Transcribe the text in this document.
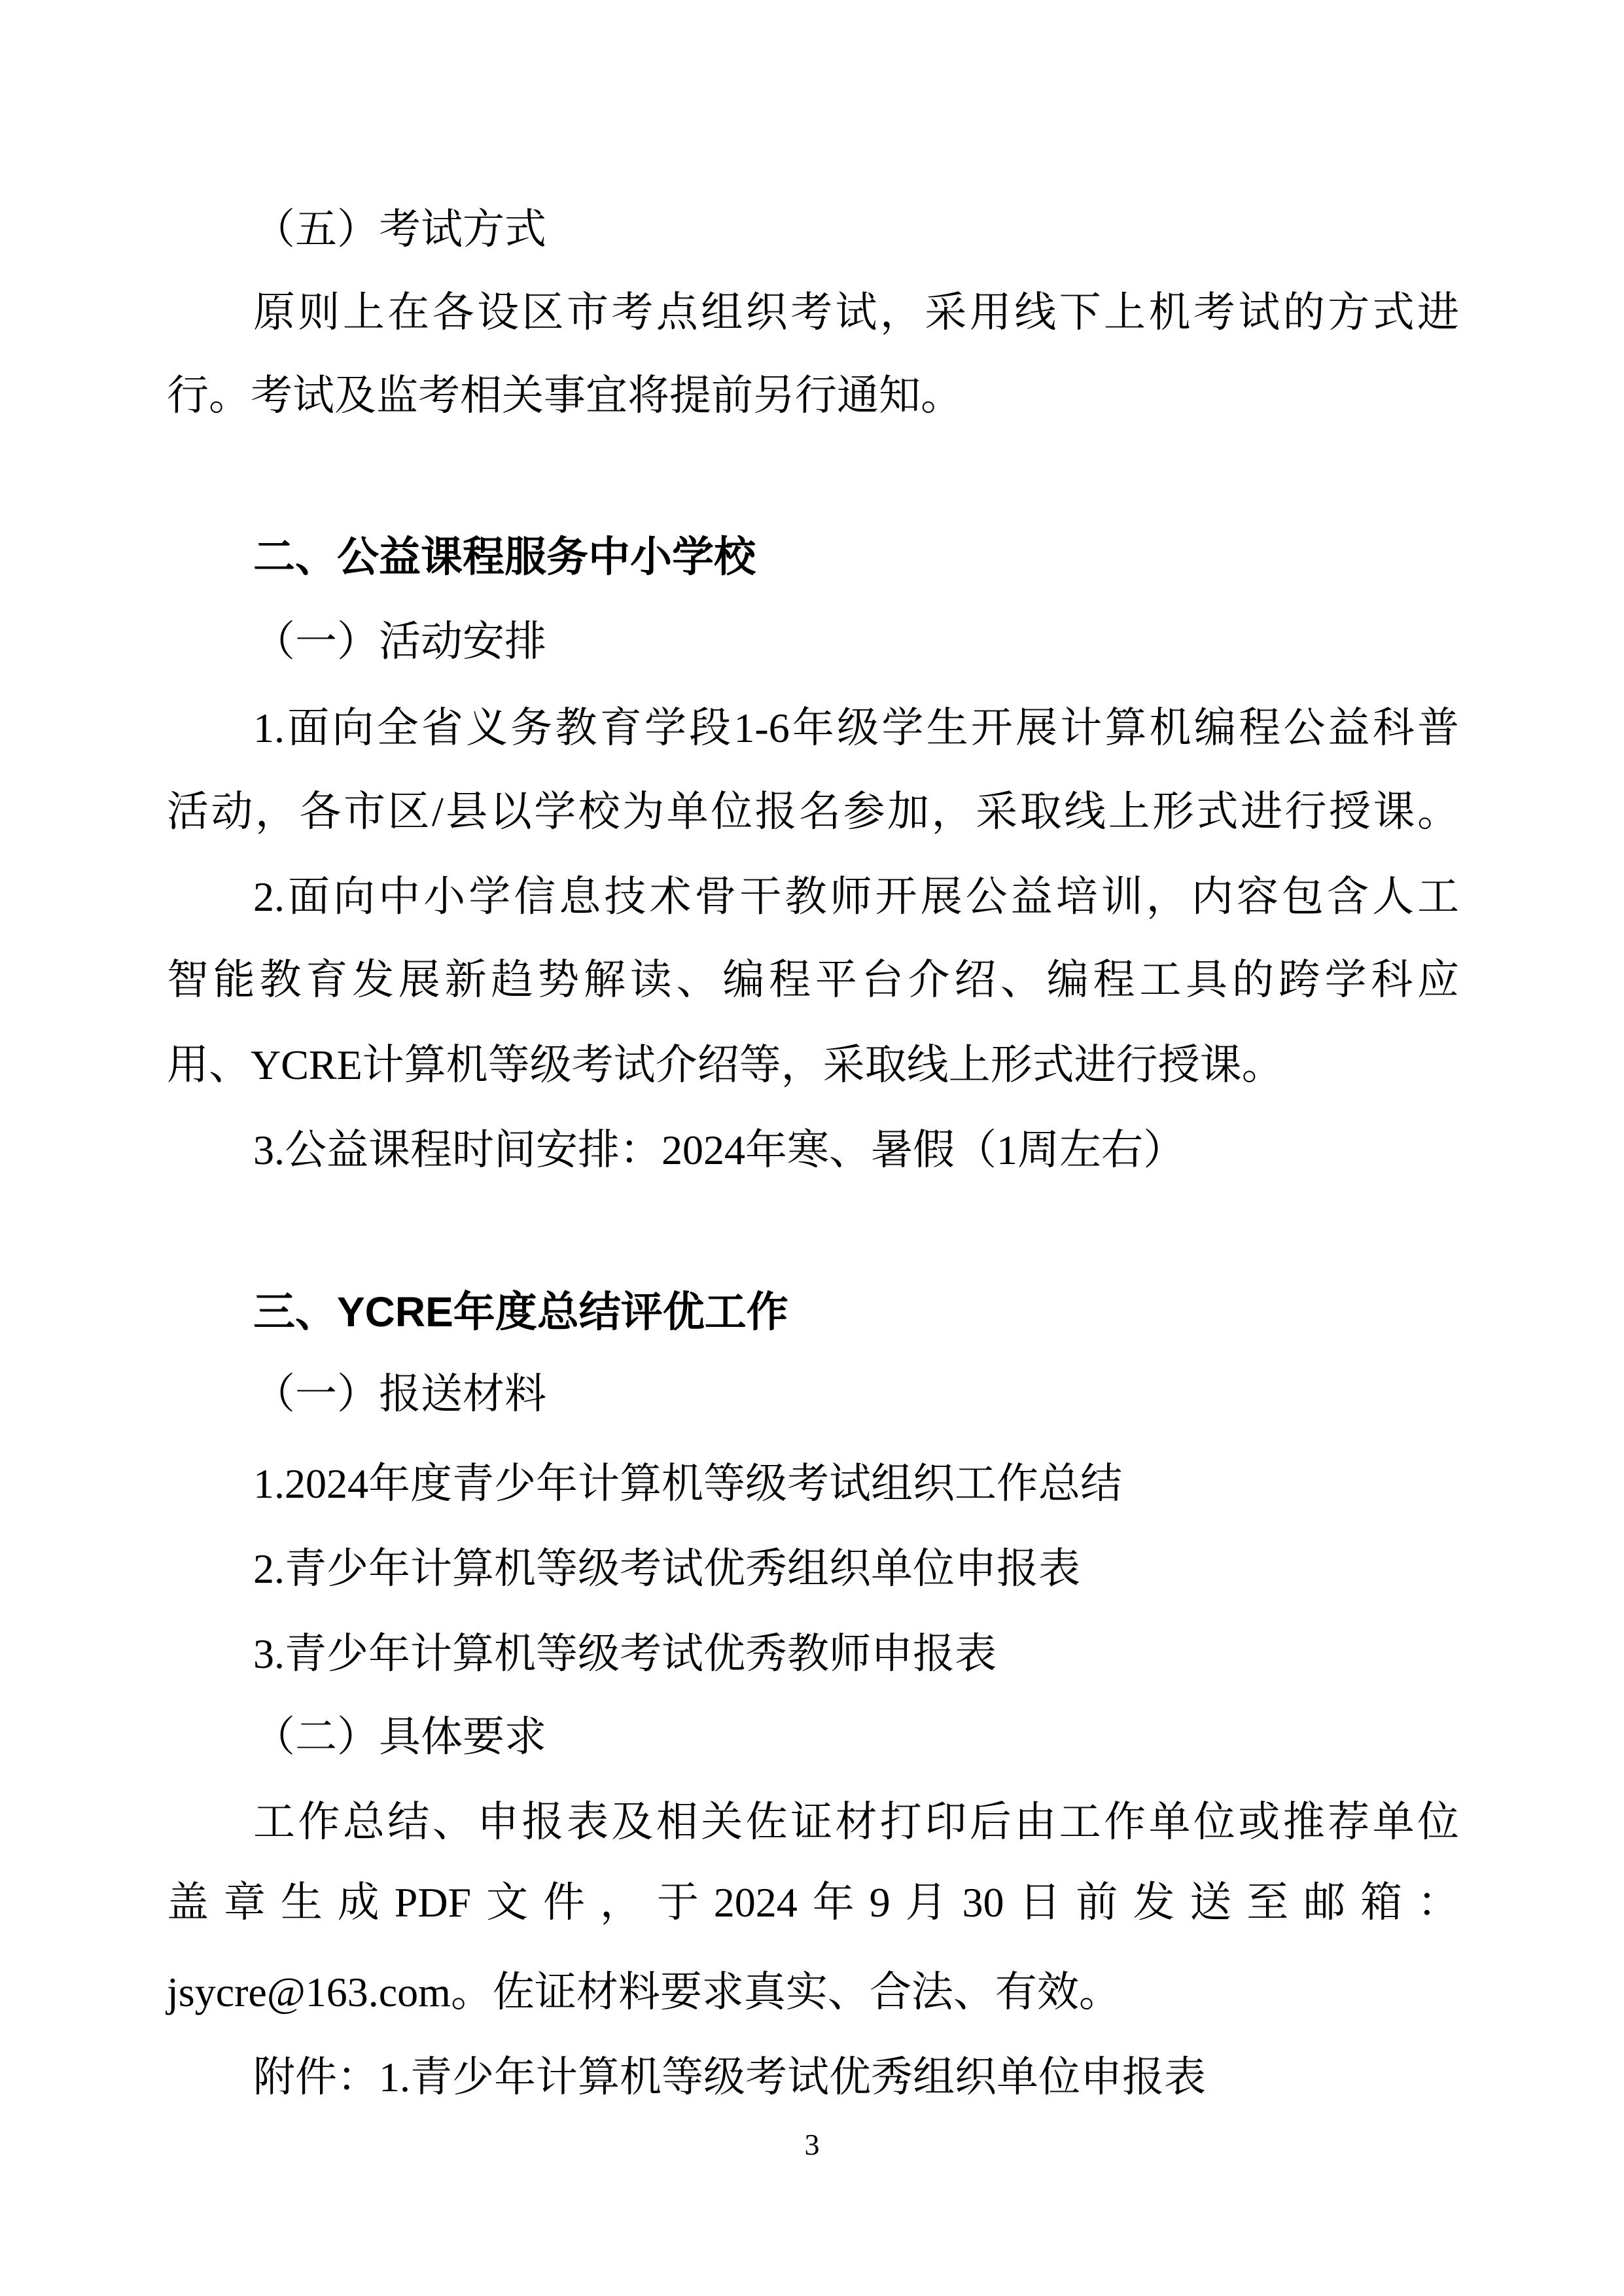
（五）考试方式
原则上在各设区市考点组织考试，采用线下上机考试的方式进
行。考试及监考相关事宜将提前另行通知。
二、公益课程服务中小学校
（一）活动安排
1.面向全省义务教育学段1-6年级学生开展计算机编程公益科普
活动，各市区/县以学校为单位报名参加，采取线上形式进行授课。
2.面向中小学信息技术骨干教师开展公益培训，内容包含人工
智能教育发展新趋势解读、编程平台介绍、编程工具的跨学科应
用、YCRE计算机等级考试介绍等，采取线上形式进行授课。
3.公益课程时间安排：2024年寒、暑假（1周左右）
三、YCRE年度总结评优工作
（一）报送材料
1.2024年度青少年计算机等级考试组织工作总结
2.青少年计算机等级考试优秀组织单位申报表
3.青少年计算机等级考试优秀教师申报表
（二）具体要求
工作总结、申报表及相关佐证材打印后由工作单位或推荐单位
盖章生成PDF文件，于2024年9月30日前发送至邮箱：
jsycre@163.com。佐证材料要求真实、合法、有效。
附件：1.青少年计算机等级考试优秀组织单位申报表
3
